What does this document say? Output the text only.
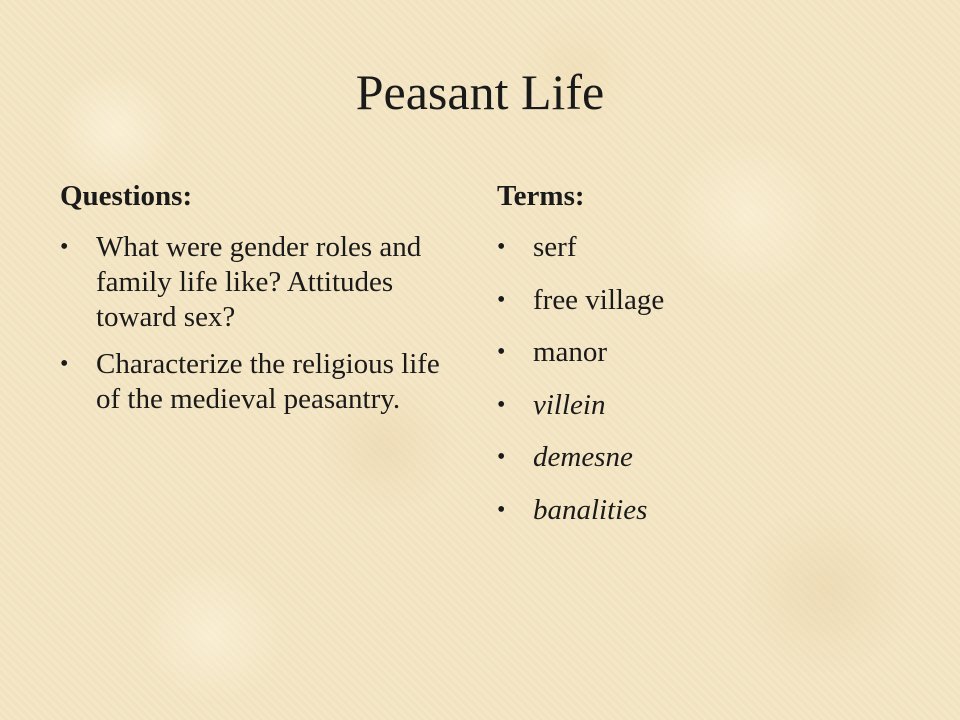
Peasant Life
Questions:
• What were gender roles and family life like? Attitudes toward sex?
• Characterize the religious life of the medieval peasantry.
Terms:
• serf
• free village
• manor
• villein
• demesne
• banalities
